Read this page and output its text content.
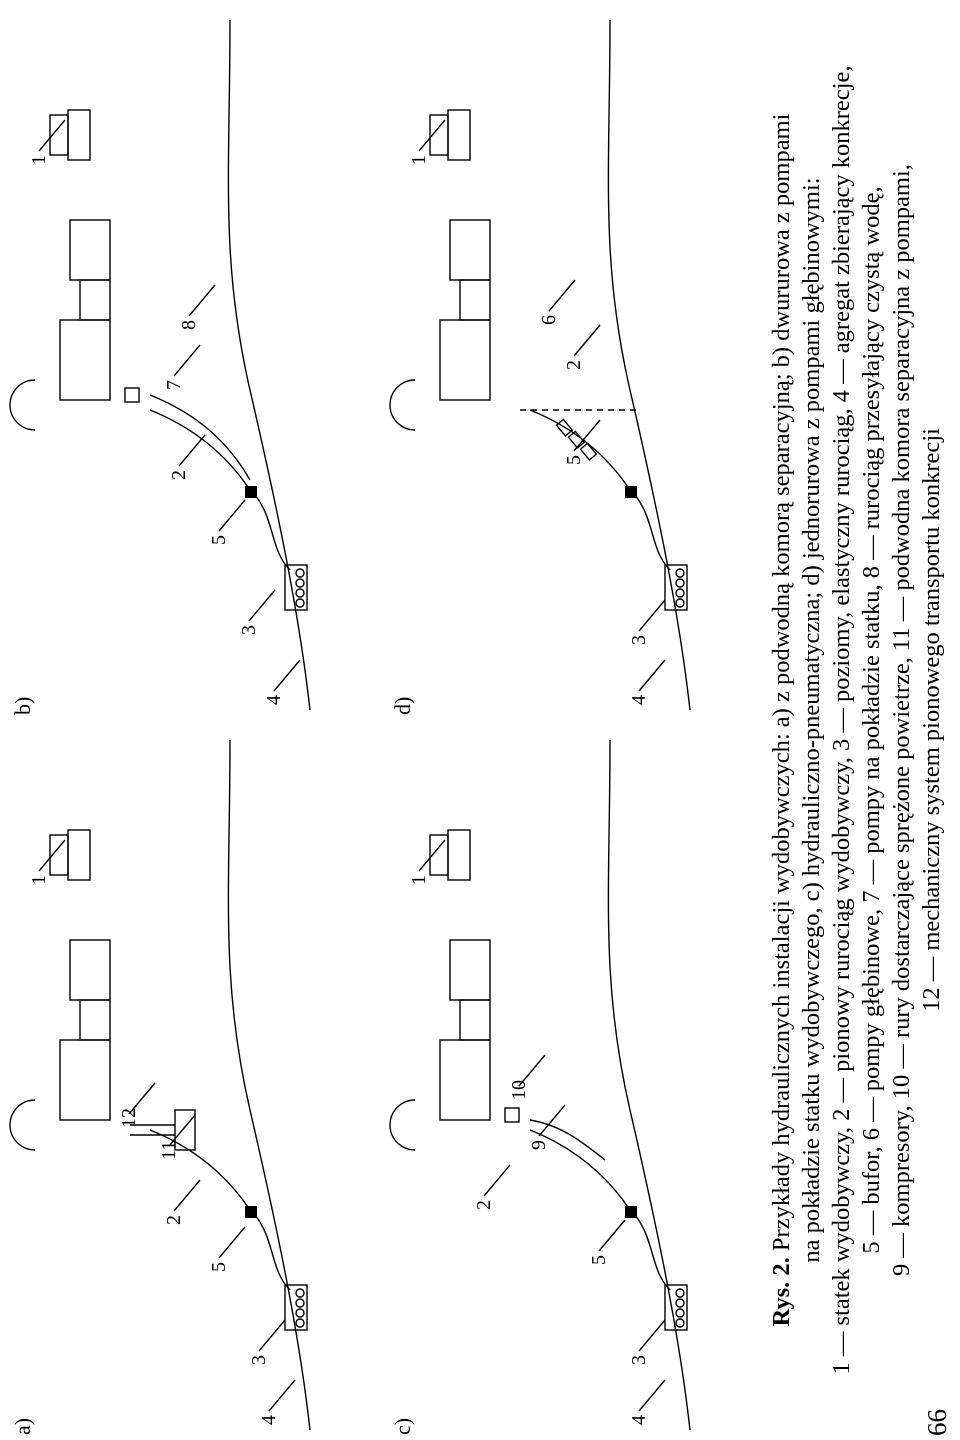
a)
1
12
11
2
5
3
4
b)
1
8
7
2
5
3
4
c)
1
10
9
2
5
3
4
d)
1
6
2
5
3
4
Rys. 2. Przykłady hydraulicznych instalacji wydobywczych: a) z podwodną komorą separacyjną; b) dwururowa z pompami na pokładzie statku wydobywczego, c) hydrauliczno-pneumatyczna; d) jednorurowa z pompami głębinowymi: 1 — statek wydobywczy, 2 — pionowy rurociąg wydobywczy, 3 — poziomy, elastyczny rurociąg, 4 — agregat zbierający konkrecje, 5 — bufor, 6 — pompy głębinowe, 7 — pompy na pokładzie statku, 8 — rurociąg przesyłający czystą wodę, 9 — kompresory, 10 — rury dostarczające sprężone powietrze, 11 — podwodna komora separacyjna z pompami, 12 — mechaniczny system pionowego transportu konkrecji
66
